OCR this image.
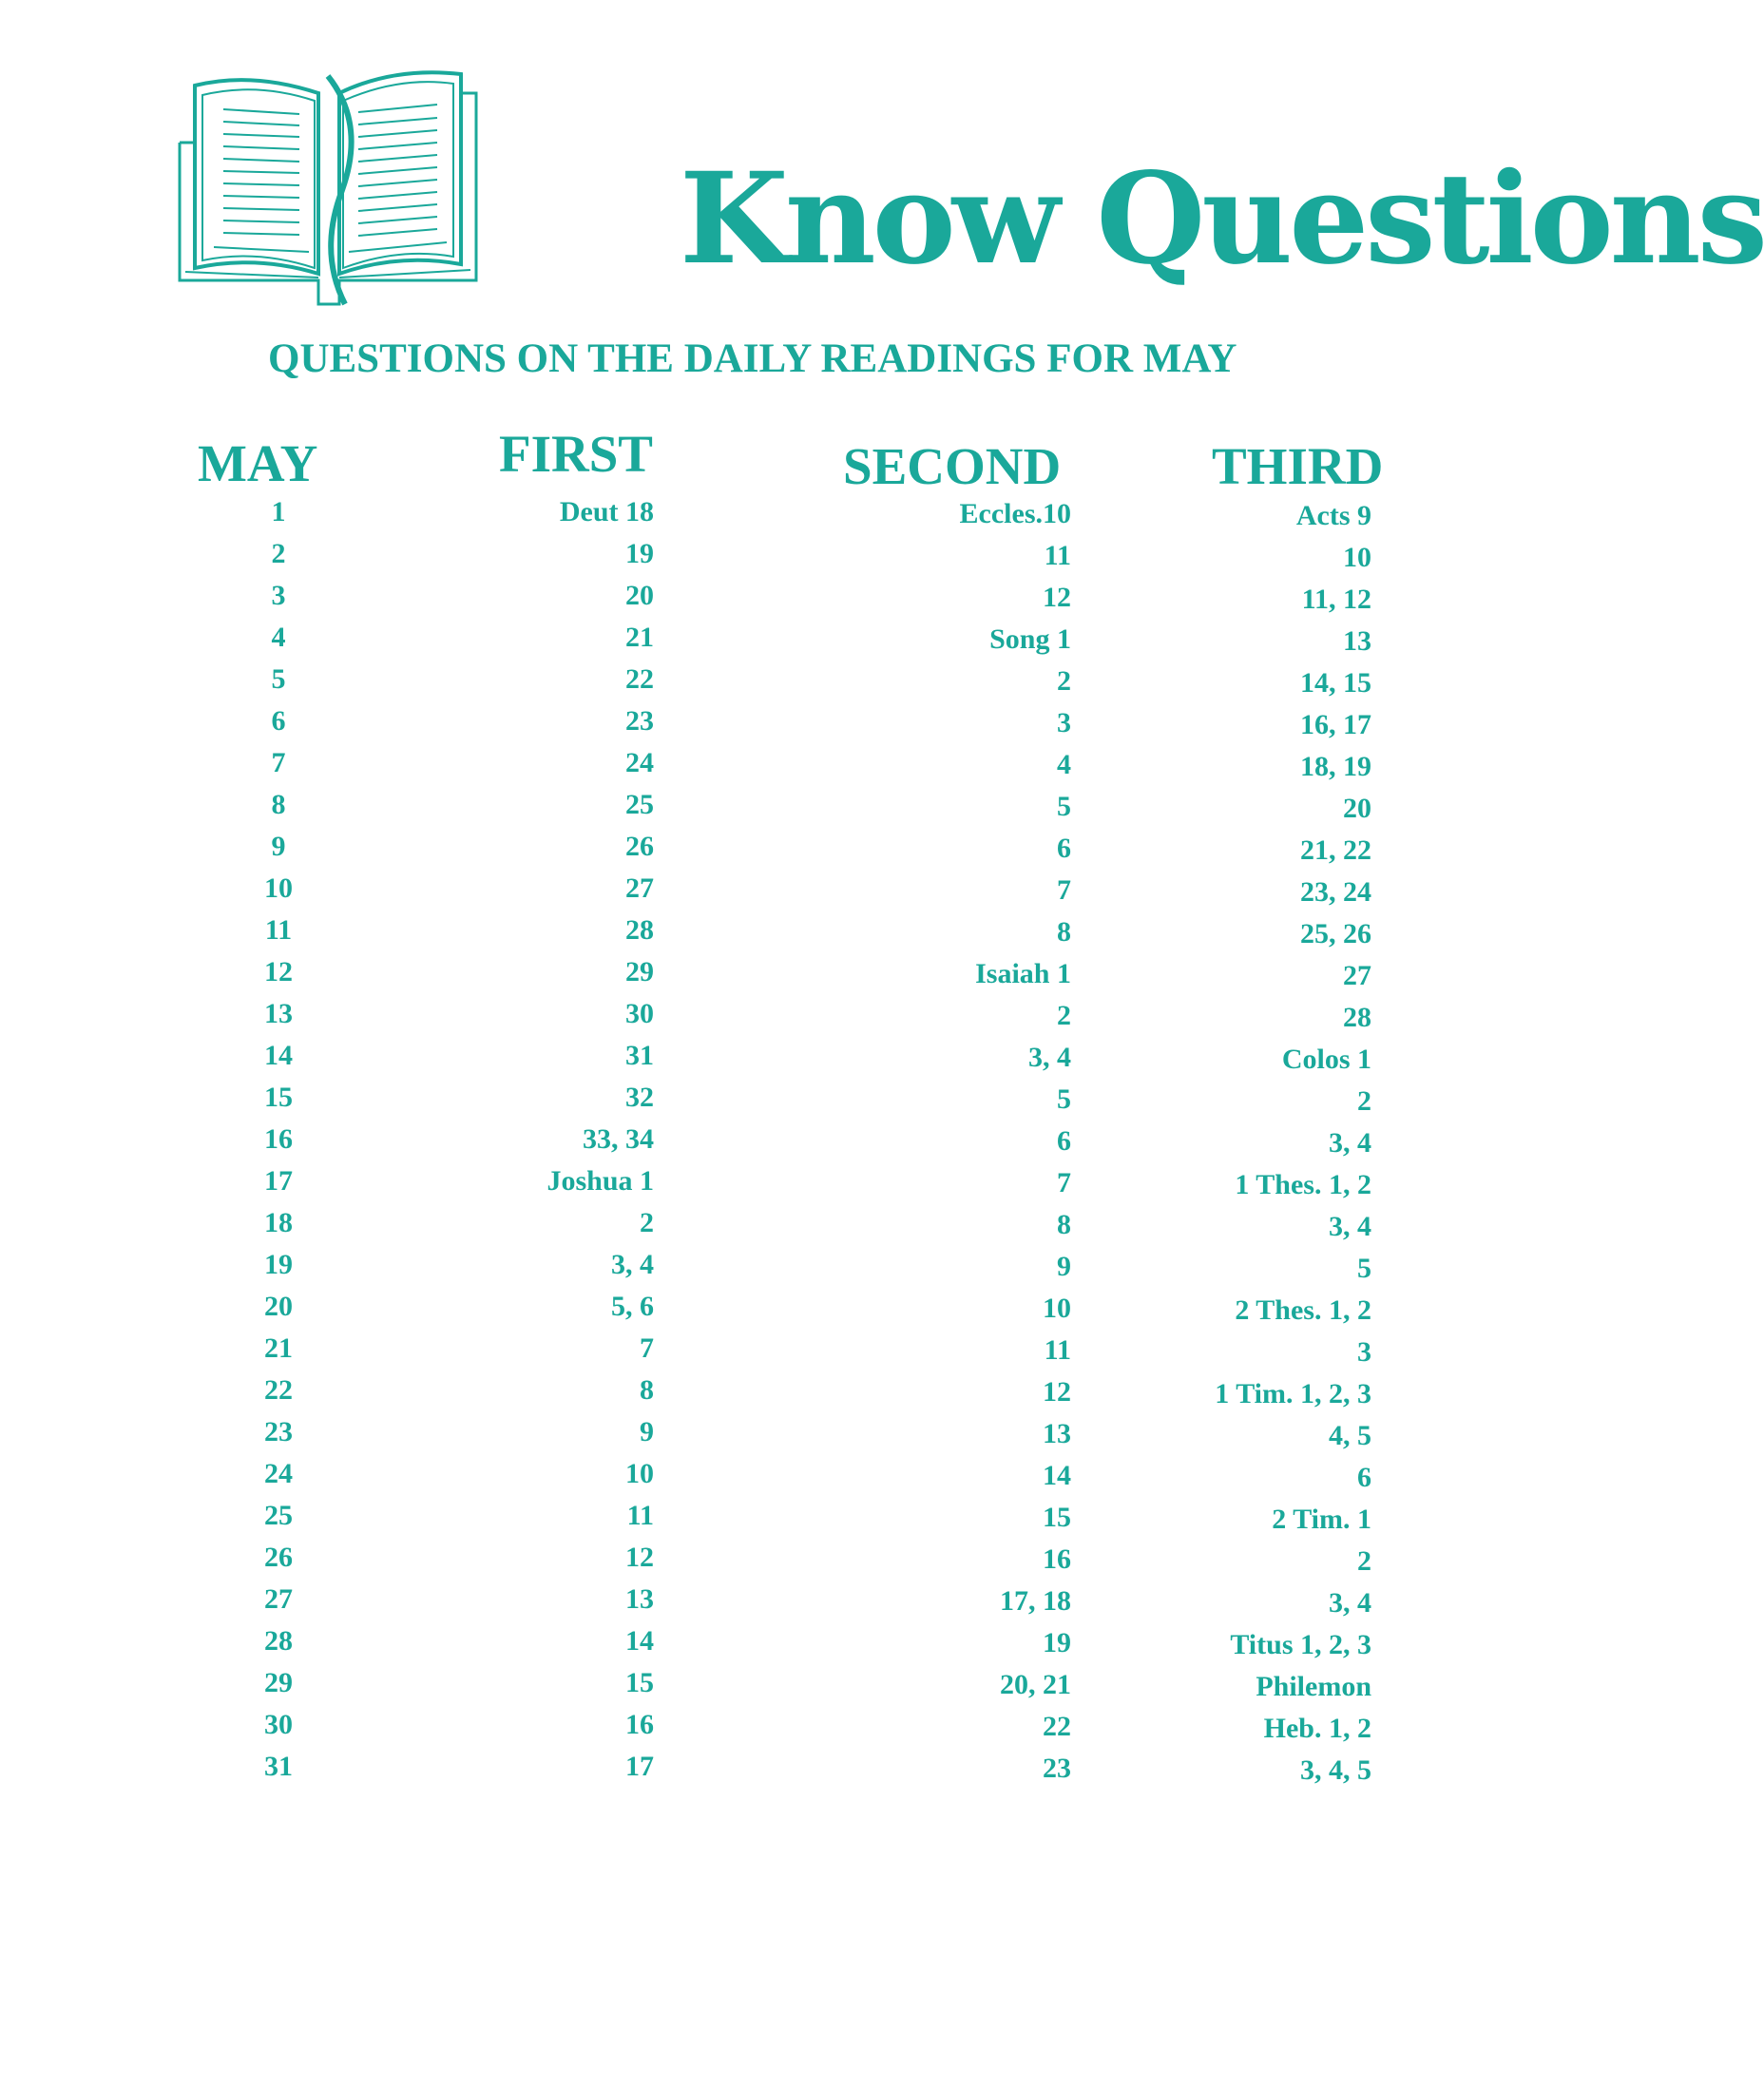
Know Questions
QUESTIONS ON THE DAILY READINGS FOR MAY
MAY	FIRST	SECOND	THIRD
1	Deut 18	Eccles.10	Acts 9
2	19	11	10
3	20	12	11, 12
4	21	Song 1	13
5	22	2	14, 15
6	23	3	16, 17
7	24	4	18, 19
8	25	5	20
9	26	6	21, 22
10	27	7	23, 24
11	28	8	25, 26
12	29	Isaiah 1	27
13	30	2	28
14	31	3, 4	Colos 1
15	32	5	2
16	33, 34	6	3, 4
17	Joshua 1	7	1 Thes. 1, 2
18	2	8	3, 4
19	3, 4	9	5
20	5, 6	10	2 Thes. 1, 2
21	7	11	3
22	8	12	1 Tim. 1, 2, 3
23	9	13	4, 5
24	10	14	6
25	11	15	2 Tim. 1
26	12	16	2
27	13	17, 18	3, 4
28	14	19	Titus 1, 2, 3
29	15	20, 21	Philemon
30	16	22	Heb. 1, 2
31	17	23	3, 4, 5
